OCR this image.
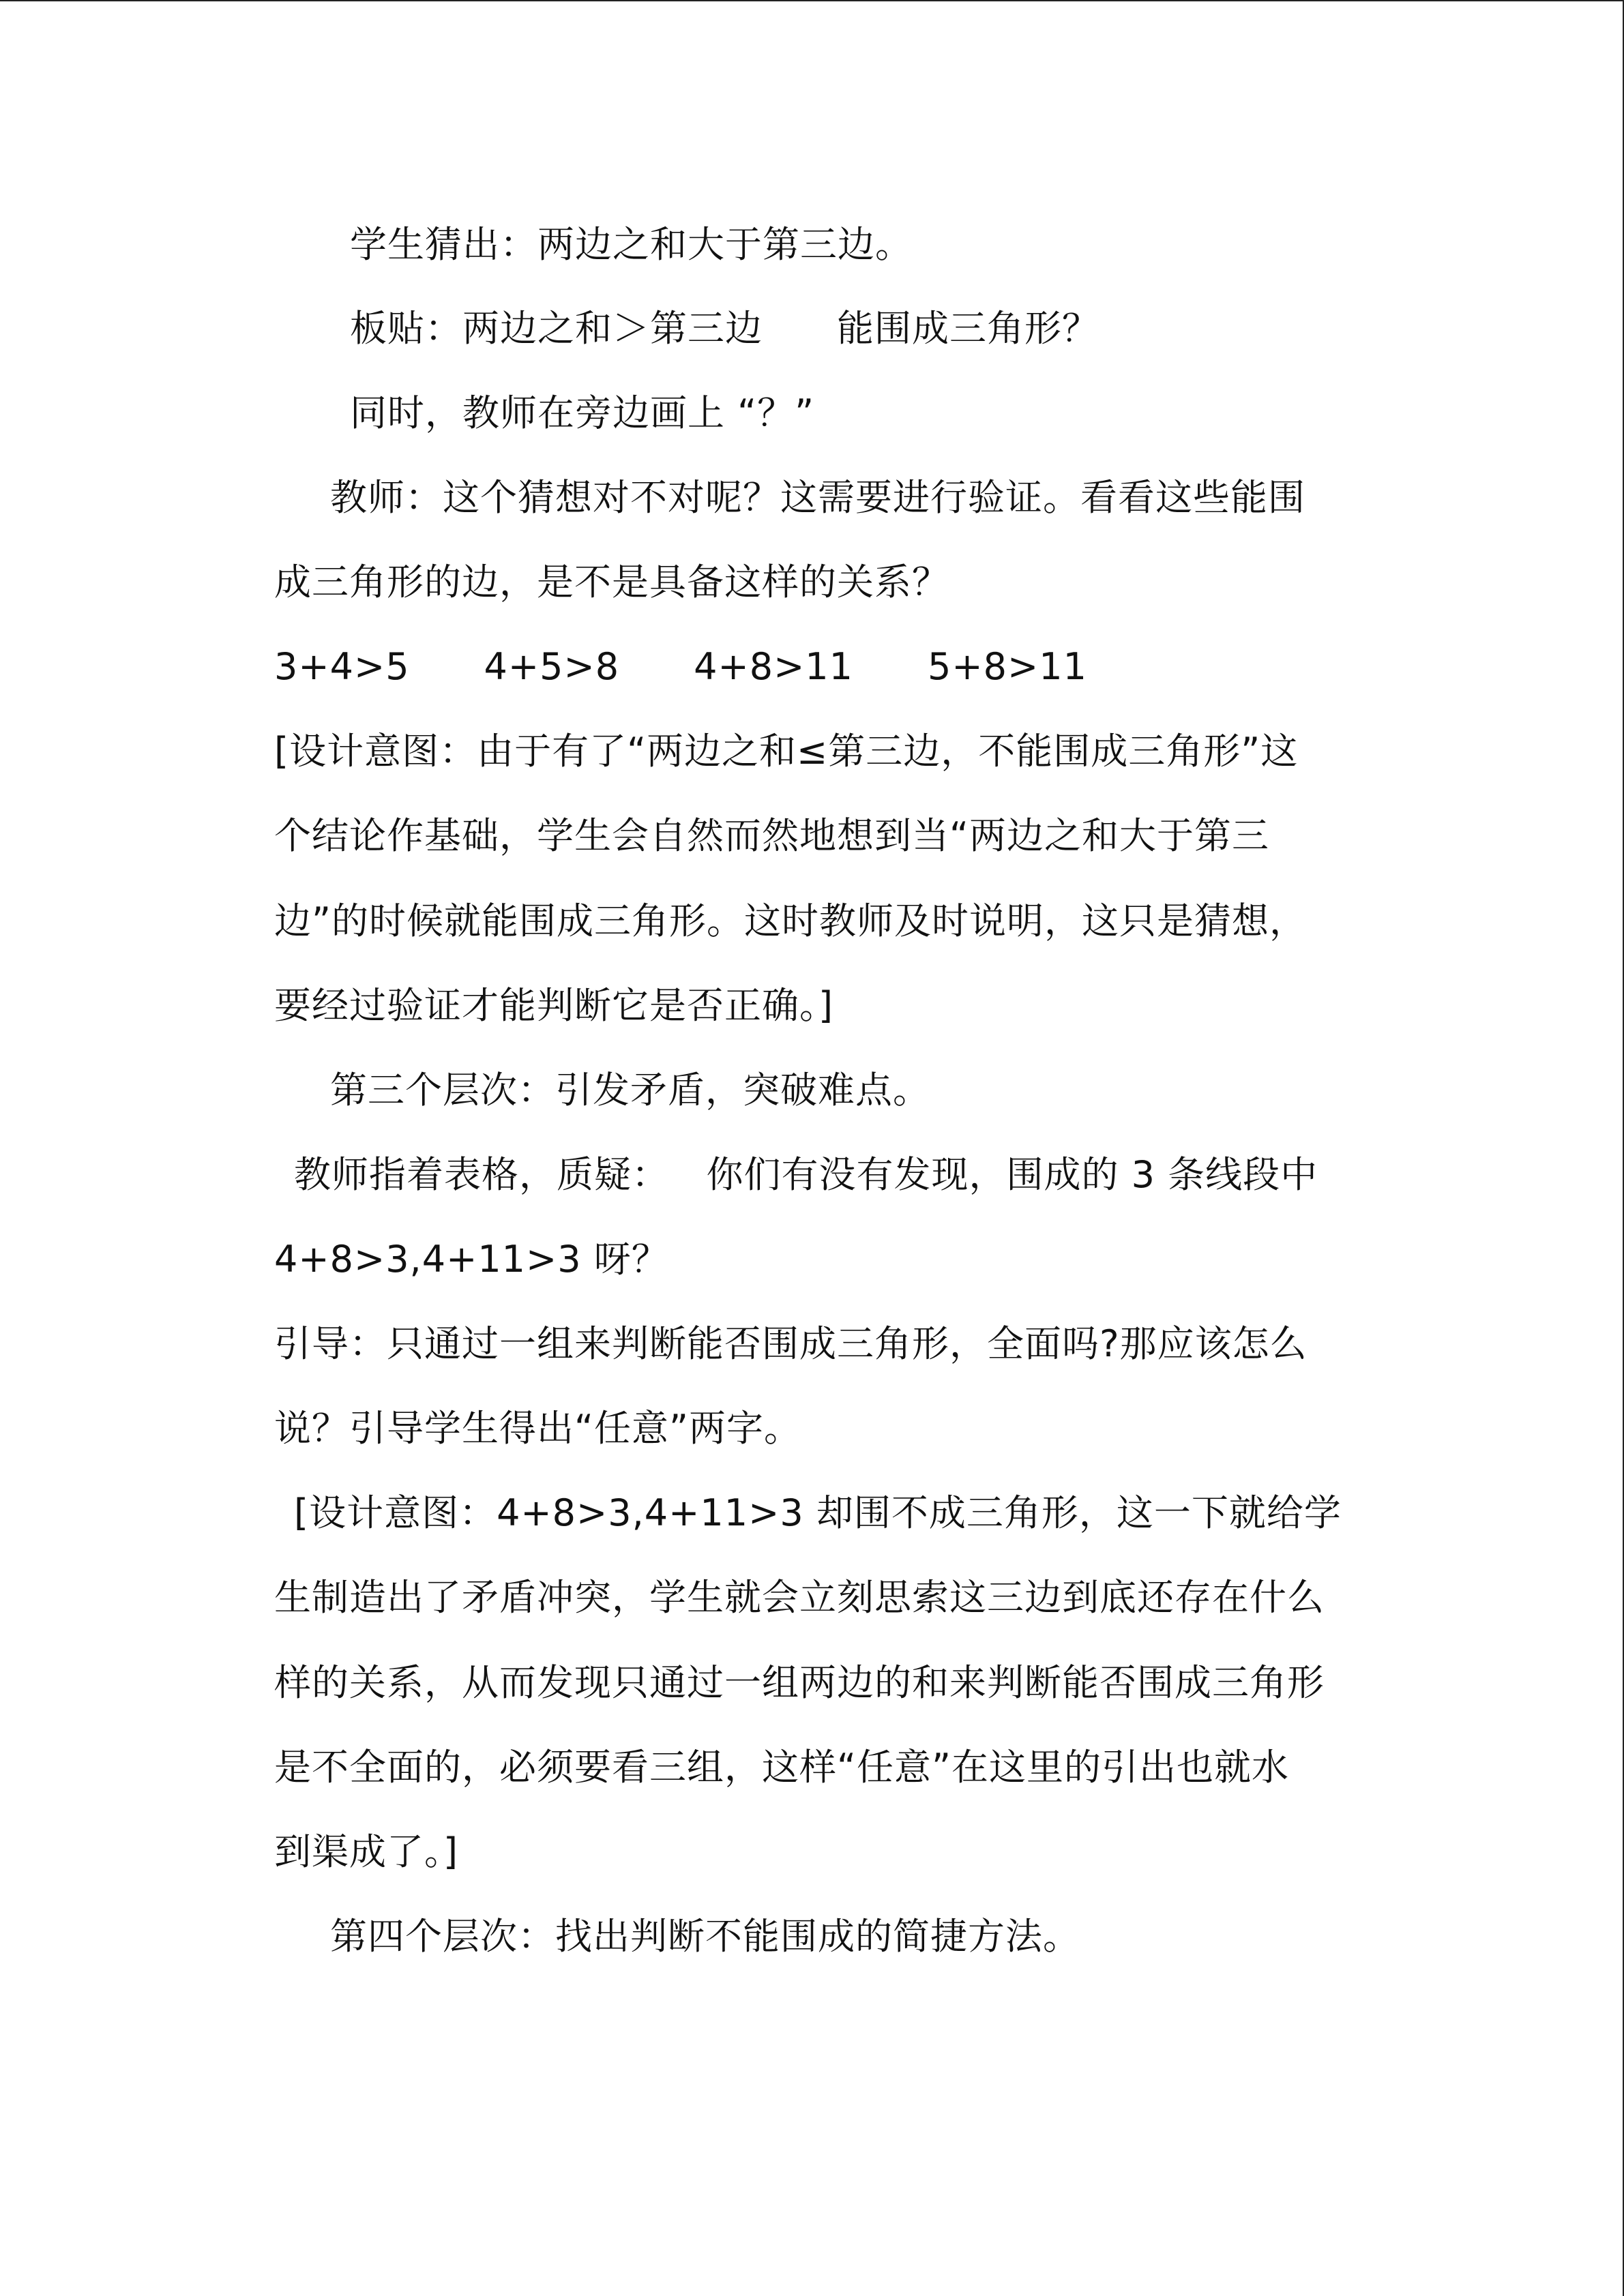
学生猜出：两边之和大于第三边。
板贴：两边之和＞第三边      能围成三角形？
同时，教师在旁边画上 “？”
教师：这个猜想对不对呢？这需要进行验证。看看这些能围
成三角形的边，是不是具备这样的关系？
3+4>5      4+5>8      4+8>11      5+8>11
[设计意图：由于有了“两边之和≤第三边，不能围成三角形”这
个结论作基础，学生会自然而然地想到当“两边之和大于第三
边”的时候就能围成三角形。这时教师及时说明，这只是猜想，
要经过验证才能判断它是否正确。]
第三个层次：引发矛盾，突破难点。
教师指着表格，质疑：   你们有没有发现，围成的 3 条线段中
4+8>3,4+11>3 呀？
引导：只通过一组来判断能否围成三角形，全面吗?那应该怎么
说？引导学生得出“任意”两字。
[设计意图：4+8>3,4+11>3 却围不成三角形，这一下就给学
生制造出了矛盾冲突，学生就会立刻思索这三边到底还存在什么
样的关系，从而发现只通过一组两边的和来判断能否围成三角形
是不全面的，必须要看三组，这样“任意”在这里的引出也就水
到渠成了。]
第四个层次：找出判断不能围成的简捷方法。
